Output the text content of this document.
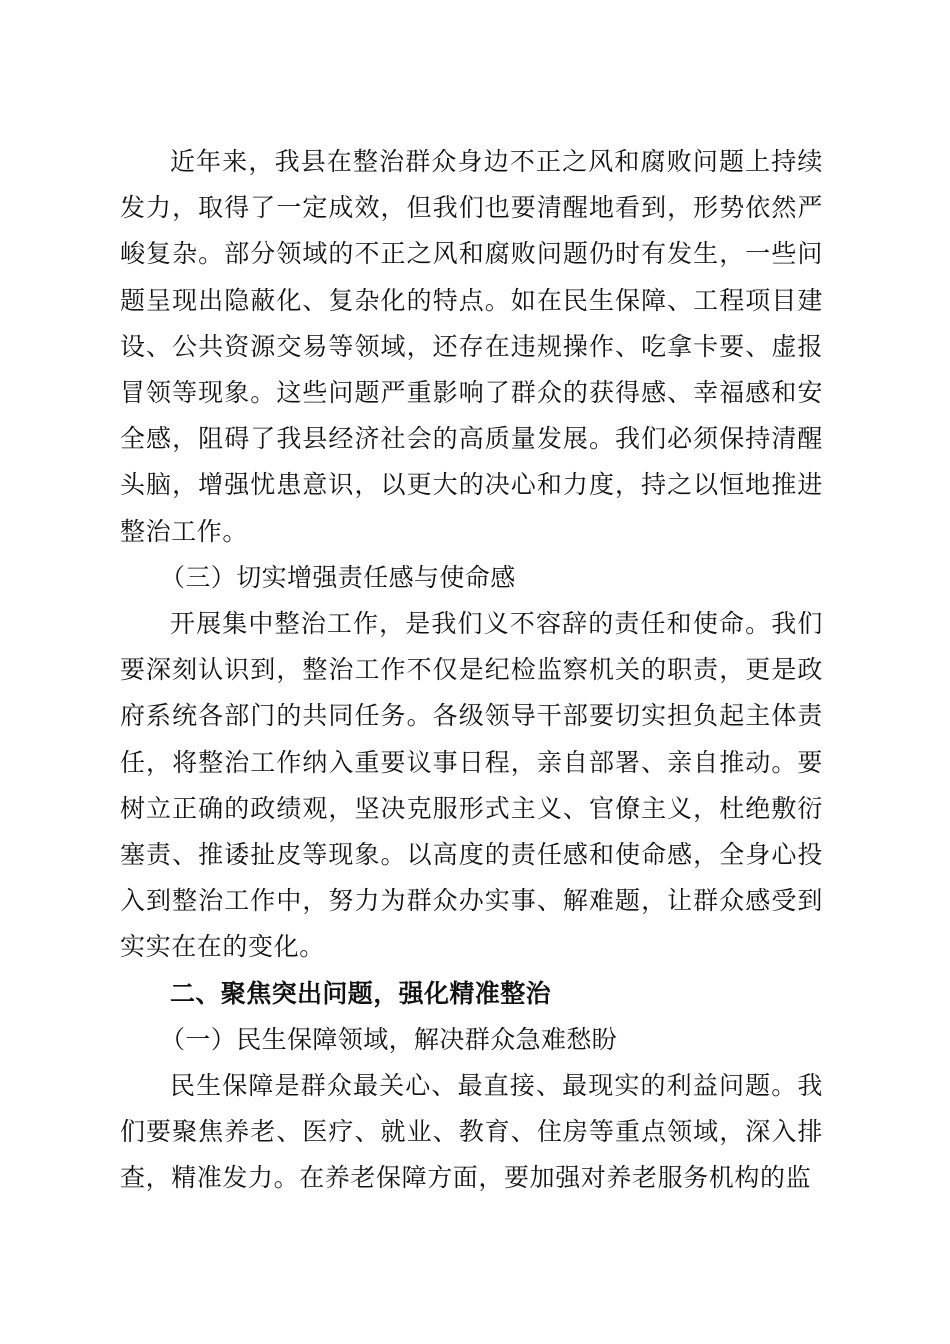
近年来，我县在整治群众身边不正之风和腐败问题上持续发力，取得了一定成效，但我们也要清醒地看到，形势依然严峻复杂。部分领域的不正之风和腐败问题仍时有发生，一些问题呈现出隐蔽化、复杂化的特点。如在民生保障、工程项目建设、公共资源交易等领域，还存在违规操作、吃拿卡要、虚报冒领等现象。这些问题严重影响了群众的获得感、幸福感和安全感，阻碍了我县经济社会的高质量发展。我们必须保持清醒头脑，增强忧患意识，以更大的决心和力度，持之以恒地推进整治工作。

（三）切实增强责任感与使命感

开展集中整治工作，是我们义不容辞的责任和使命。我们要深刻认识到，整治工作不仅是纪检监察机关的职责，更是政府系统各部门的共同任务。各级领导干部要切实担负起主体责任，将整治工作纳入重要议事日程，亲自部署、亲自推动。要树立正确的政绩观，坚决克服形式主义、官僚主义，杜绝敷衍塞责、推诿扯皮等现象。以高度的责任感和使命感，全身心投入到整治工作中，努力为群众办实事、解难题，让群众感受到实实在在的变化。

二、聚焦突出问题，强化精准整治

（一）民生保障领域，解决群众急难愁盼

民生保障是群众最关心、最直接、最现实的利益问题。我们要聚焦养老、医疗、就业、教育、住房等重点领域，深入排查，精准发力。在养老保障方面，要加强对养老服务机构的监
